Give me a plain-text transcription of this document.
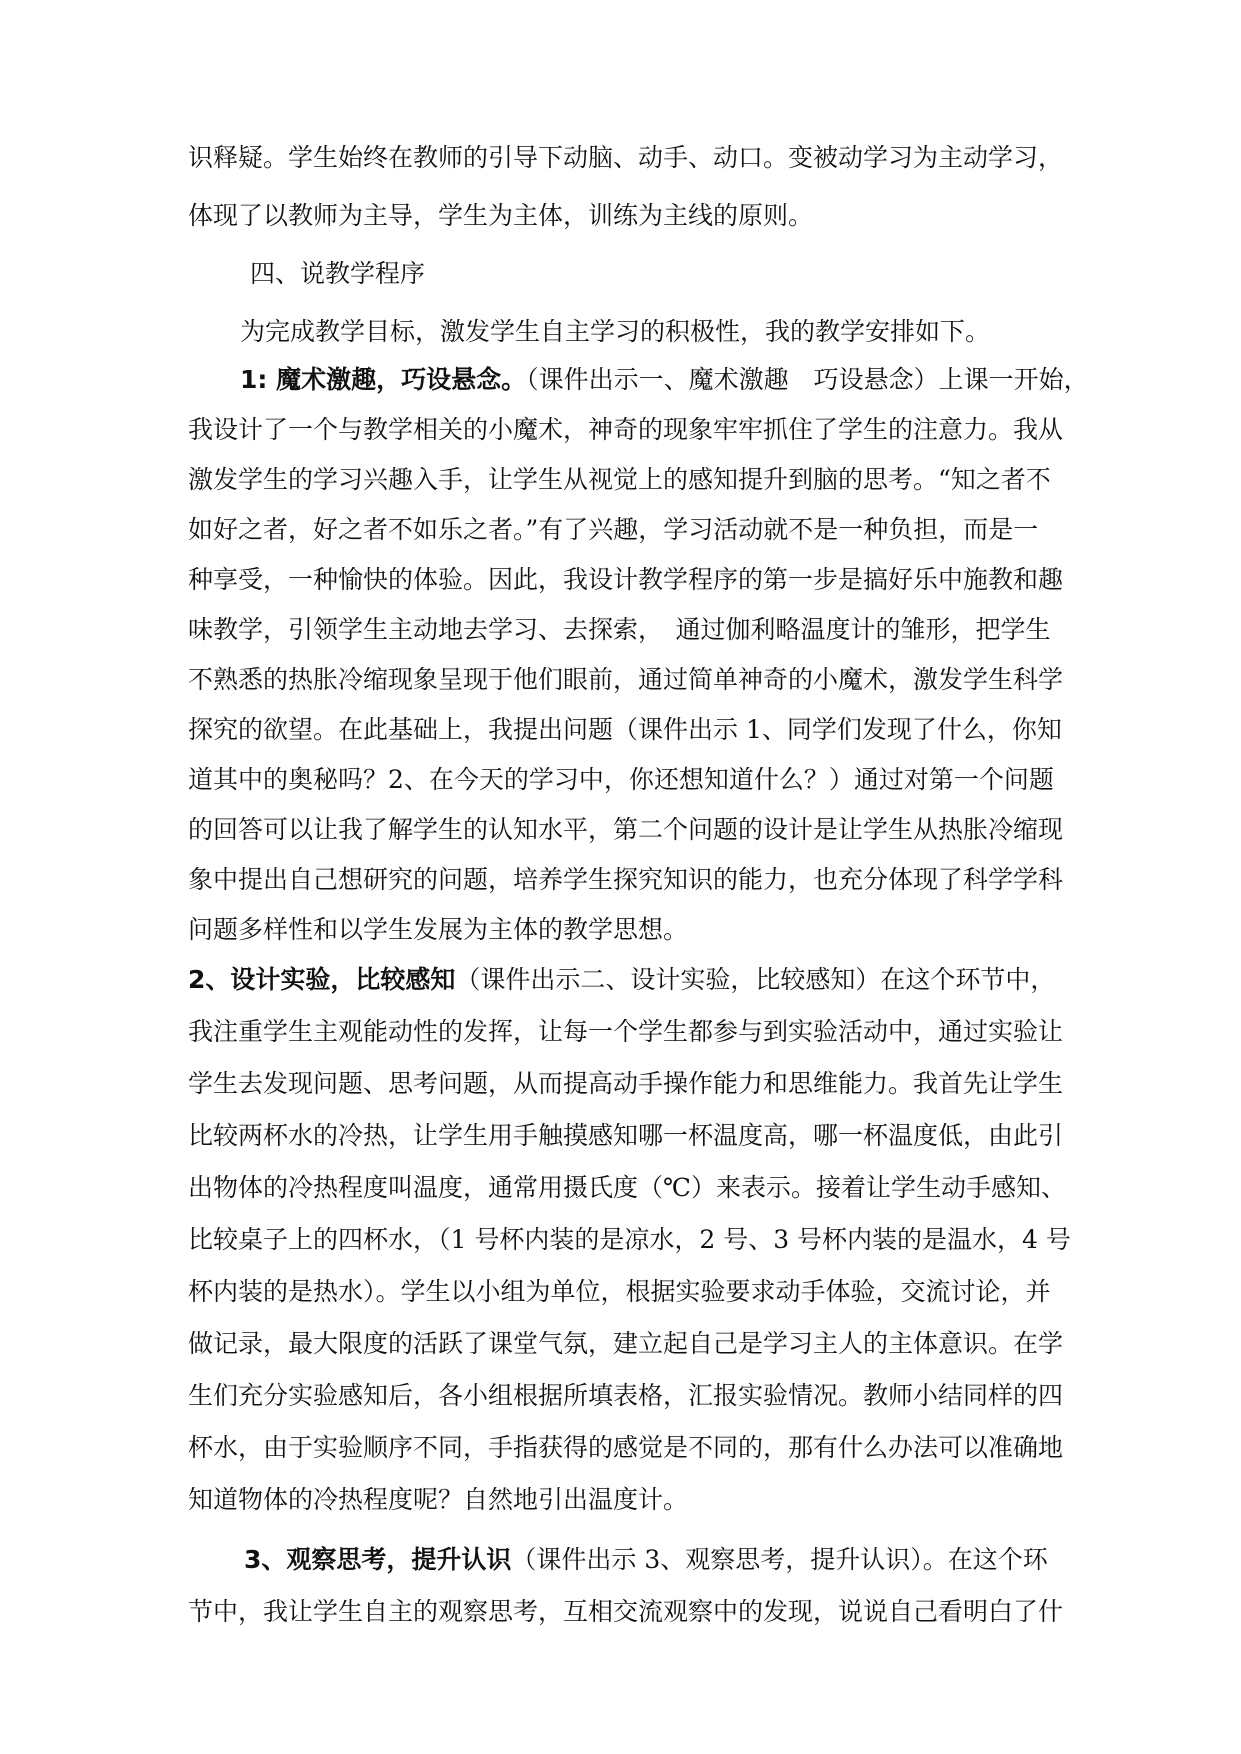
识释疑。学生始终在教师的引导下动脑、动手、动口。变被动学习为主动学习，
体现了以教师为主导，学生为主体，训练为主线的原则。
四、说教学程序
为完成教学目标，激发学生自主学习的积极性，我的教学安排如下。
1: 魔术激趣，巧设悬念。（课件出示一、魔术激趣　巧设悬念）上课一开始，
我设计了一个与教学相关的小魔术，神奇的现象牢牢抓住了学生的注意力。我从
激发学生的学习兴趣入手，让学生从视觉上的感知提升到脑的思考。“知之者不
如好之者，好之者不如乐之者。”有了兴趣，学习活动就不是一种负担，而是一
种享受，一种愉快的体验。因此，我设计教学程序的第一步是搞好乐中施教和趣
味教学，引领学生主动地去学习、去探索，　通过伽利略温度计的雏形，把学生
不熟悉的热胀冷缩现象呈现于他们眼前，通过简单神奇的小魔术，激发学生科学
探究的欲望。在此基础上，我提出问题（课件出示 1、同学们发现了什么，你知
道其中的奥秘吗？2、在今天的学习中，你还想知道什么？）通过对第一个问题
的回答可以让我了解学生的认知水平，第二个问题的设计是让学生从热胀冷缩现
象中提出自己想研究的问题，培养学生探究知识的能力，也充分体现了科学学科
问题多样性和以学生发展为主体的教学思想。
2、设计实验，比较感知（课件出示二、设计实验，比较感知）在这个环节中，
我注重学生主观能动性的发挥，让每一个学生都参与到实验活动中，通过实验让
学生去发现问题、思考问题，从而提高动手操作能力和思维能力。我首先让学生
比较两杯水的冷热，让学生用手触摸感知哪一杯温度高，哪一杯温度低，由此引
出物体的冷热程度叫温度，通常用摄氏度（℃）来表示。接着让学生动手感知、
比较桌子上的四杯水，（1 号杯内装的是凉水，2 号、3 号杯内装的是温水，4 号
杯内装的是热水）。学生以小组为单位，根据实验要求动手体验，交流讨论，并
做记录，最大限度的活跃了课堂气氛，建立起自己是学习主人的主体意识。在学
生们充分实验感知后，各小组根据所填表格，汇报实验情况。教师小结同样的四
杯水，由于实验顺序不同，手指获得的感觉是不同的，那有什么办法可以准确地
知道物体的冷热程度呢？自然地引出温度计。
3、观察思考，提升认识（课件出示 3、观察思考，提升认识）。在这个环
节中，我让学生自主的观察思考，互相交流观察中的发现，说说自己看明白了什
